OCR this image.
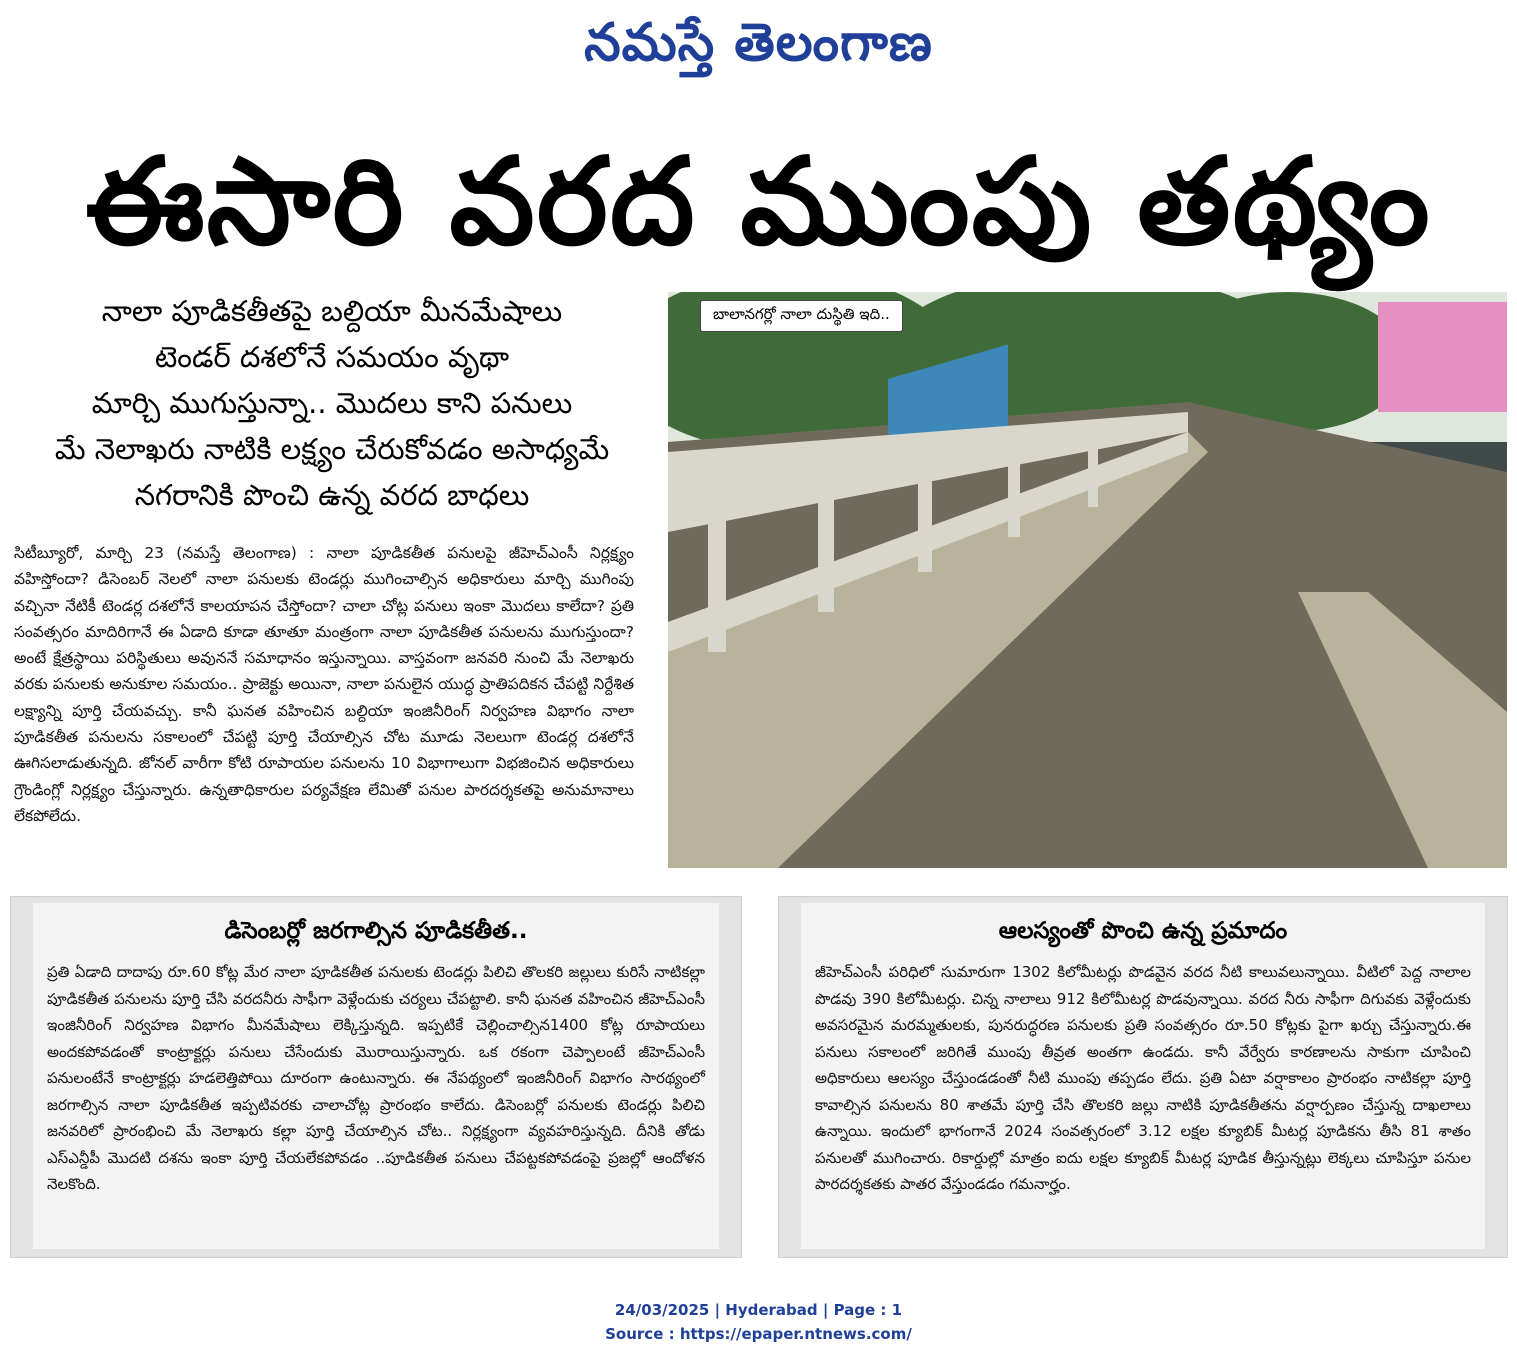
నమస్తే తెలంగాణ
ఈసారి వరద ముంపు తథ్యం
నాలా పూడికతీతపై బల్దియా మీనమేషాలు
టెండర్ దశలోనే సమయం వృథా
మార్చి ముగుస్తున్నా.. మొదలు కాని పనులు
మే నెలాఖరు నాటికి లక్ష్యం చేరుకోవడం అసాధ్యమే
నగరానికి పొంచి ఉన్న వరద బాధలు
సిటీబ్యూరో, మార్చి 23 (నమస్తే తెలంగాణ) : నాలా పూడికతీత పనులపై జీహెచ్ఎంసీ నిర్లక్ష్యం వహిస్తోందా? డిసెంబర్ నెలలో నాలా పనులకు టెండర్లు ముగించాల్సిన అధికారులు మార్చి ముగింపు వచ్చినా నేటికీ టెండర్ల దశలోనే కాలయాపన చేస్తోందా? చాలా చోట్ల పనులు ఇంకా మొదలు కాలేదా? ప్రతి సంవత్సరం మాదిరిగానే ఈ ఏడాది కూడా తూతూ మంత్రంగా నాలా పూడికతీత పనులను ముగుస్తుందా? అంటే క్షేత్రస్థాయి పరిస్థితులు అవుననే సమాధానం ఇస్తున్నాయి. వాస్తవంగా జనవరి నుంచి మే నెలాఖరు వరకు పనులకు అనుకూల సమయం.. ప్రాజెక్టు అయినా, నాలా పనులైన యుద్ధ ప్రాతిపదికన చేపట్టి నిర్దేశిత లక్ష్యాన్ని పూర్తి చేయవచ్చు. కానీ ఘనత వహించిన బల్దియా ఇంజినీరింగ్ నిర్వహణ విభాగం నాలా పూడికతీత పనులను సకాలంలో చేపట్టి పూర్తి చేయాల్సిన చోట మూడు నెలలుగా టెండర్ల దశలోనే ఊగిసలాడుతున్నది. జోనల్ వారీగా కోటి రూపాయల పనులను 10 విభాగాలుగా విభజించిన అధికారులు గ్రౌండింగ్లో నిర్లక్ష్యం చేస్తున్నారు. ఉన్నతాధికారుల పర్యవేక్షణ లేమితో పనుల పారదర్శకతపై అనుమానాలు లేకపోలేదు.
బాలానగర్లో నాలా దుస్థితి ఇది..
డిసెంబర్లో జరగాల్సిన పూడికతీత..
ప్రతి ఏడాది దాదాపు రూ.60 కోట్ల మేర నాలా పూడికతీత పనులకు టెండర్లు పిలిచి తొలకరి జల్లులు కురిసే నాటికల్లా పూడికతీత పనులను పూర్తి చేసి వరదనీరు సాఫీగా వెళ్లేందుకు చర్యలు చేపట్టాలి. కానీ ఘనత వహించిన జీహెచ్ఎంసీ ఇంజినీరింగ్ నిర్వహణ విభాగం మీనమేషాలు లెక్కిస్తున్నది. ఇప్పటికే చెల్లించాల్సిన1400 కోట్ల రూపాయలు అందకపోవడంతో కాంట్రాక్టర్లు పనులు చేసేందుకు మొరాయిస్తున్నారు. ఒక రకంగా చెప్పాలంటే జీహెచ్ఎంసీ పనులంటేనే కాంట్రాక్టర్లు హడలెత్తిపోయి దూరంగా ఉంటున్నారు. ఈ నేపథ్యంలో ఇంజినీరింగ్ విభాగం సారథ్యంలో జరగాల్సిన నాలా పూడికతీత ఇప్పటివరకు చాలాచోట్ల ప్రారంభం కాలేదు. డిసెంబర్లో పనులకు టెండర్లు పిలిచి జనవరిలో ప్రారంభించి మే నెలాఖరు కల్లా పూర్తి చేయాల్సిన చోట.. నిర్లక్ష్యంగా వ్యవహరిస్తున్నది. దీనికి తోడు ఎస్ఎన్డీపీ మొదటి దశను ఇంకా పూర్తి చేయలేకపోవడం ..పూడికతీత పనులు చేపట్టకపోవడంపై ప్రజల్లో ఆందోళన నెలకొంది.
ఆలస్యంతో పొంచి ఉన్న ప్రమాదం
జీహెచ్ఎంసీ పరిధిలో సుమారుగా 1302 కిలోమీటర్లు పొడవైన వరద నీటి కాలువలున్నాయి. వీటిలో పెద్ద నాలాల పొడవు 390 కిలోమీటర్లు. చిన్న నాలాలు 912 కిలోమీటర్ల పొడవున్నాయి. వరద నీరు సాఫీగా దిగువకు వెళ్లేందుకు అవసరమైన మరమ్మతులకు, పునరుద్ధరణ పనులకు ప్రతి సంవత్సరం రూ.50 కోట్లకు పైగా ఖర్చు చేస్తున్నారు.ఈ పనులు సకాలంలో జరిగితే ముంపు తీవ్రత అంతగా ఉండదు. కానీ వేర్వేరు కారణాలను సాకుగా చూపించి అధికారులు ఆలస్యం చేస్తుండడంతో నీటి ముంపు తప్పడం లేదు. ప్రతి ఏటా వర్షాకాలం ప్రారంభం నాటికల్లా పూర్తి కావాల్సిన పనులను 80 శాతమే పూర్తి చేసి తొలకరి జల్లు నాటికి పూడికతీతను వర్షార్పణం చేస్తున్న దాఖలాలు ఉన్నాయి. ఇందులో భాగంగానే 2024 సంవత్సరంలో 3.12 లక్షల క్యూబిక్ మీటర్ల పూడికను తీసి 81 శాతం పనులతో ముగించారు. రికార్డుల్లో మాత్రం ఐదు లక్షల క్యూబిక్ మీటర్ల పూడిక తీస్తున్నట్లు లెక్కలు చూపిస్తూ పనుల పారదర్శకతకు పాతర వేస్తుండడం గమనార్హం.
24/03/2025 | Hyderabad | Page : 1
Source : https://epaper.ntnews.com/
